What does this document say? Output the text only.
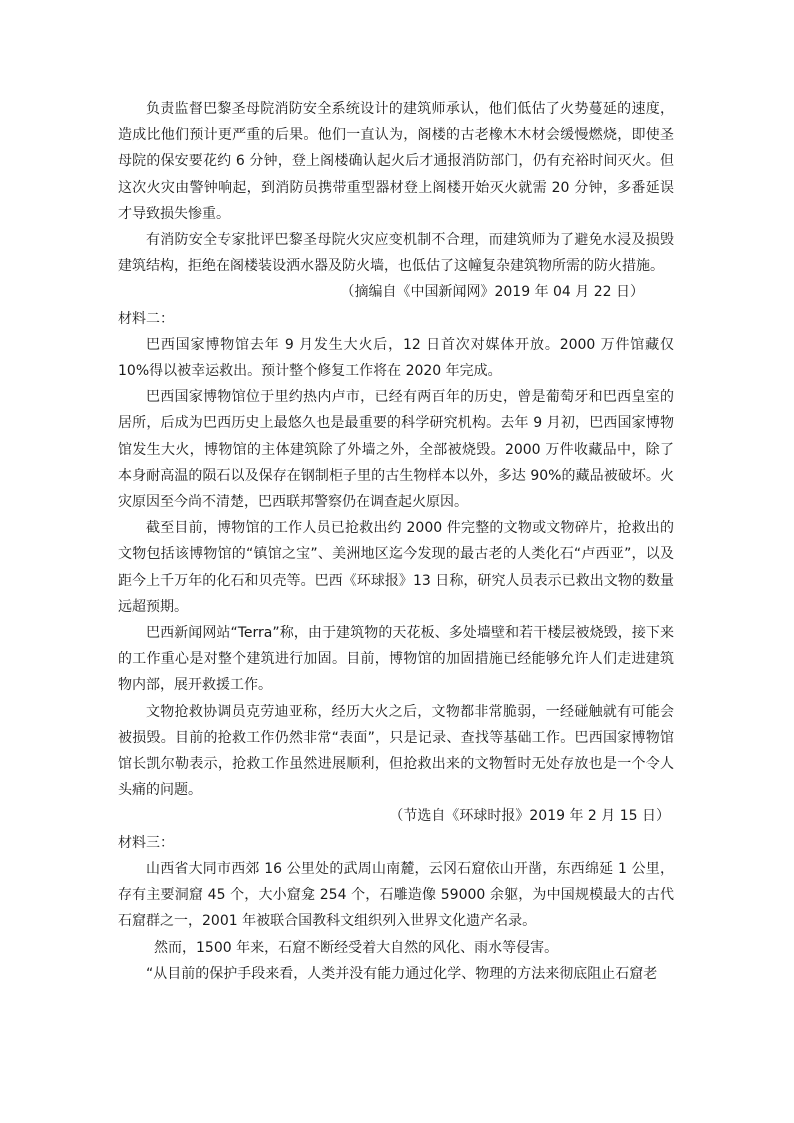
负责监督巴黎圣母院消防安全系统设计的建筑师承认，他们低估了火势蔓延的速度，造成比他们预计更严重的后果。他们一直认为，阁楼的古老橡木木材会缓慢燃烧，即使圣母院的保安要花约 6 分钟，登上阁楼确认起火后才通报消防部门，仍有充裕时间灭火。但这次火灾由警钟响起，到消防员携带重型器材登上阁楼开始灭火就需 20 分钟，多番延误才导致损失惨重。

有消防安全专家批评巴黎圣母院火灾应变机制不合理，而建筑师为了避免水浸及损毁建筑结构，拒绝在阁楼装设洒水器及防火墙，也低估了这幢复杂建筑物所需的防火措施。

（摘编自《中国新闻网》2019 年 04 月 22 日）

材料二：

巴西国家博物馆去年 9 月发生大火后，12 日首次对媒体开放。2000 万件馆藏仅 10%得以被幸运救出。预计整个修复工作将在 2020 年完成。

巴西国家博物馆位于里约热内卢市，已经有两百年的历史，曾是葡萄牙和巴西皇室的居所，后成为巴西历史上最悠久也是最重要的科学研究机构。去年 9 月初，巴西国家博物馆发生大火，博物馆的主体建筑除了外墙之外，全部被烧毁。2000 万件收藏品中，除了本身耐高温的陨石以及保存在钢制柜子里的古生物样本以外，多达 90%的藏品被破坏。火灾原因至今尚不清楚，巴西联邦警察仍在调查起火原因。

截至目前，博物馆的工作人员已抢救出约 2000 件完整的文物或文物碎片，抢救出的文物包括该博物馆的“镇馆之宝”、美洲地区迄今发现的最古老的人类化石“卢西亚”，以及距今上千万年的化石和贝壳等。巴西《环球报》13 日称，研究人员表示已救出文物的数量远超预期。

巴西新闻网站“Terra”称，由于建筑物的天花板、多处墙壁和若干楼层被烧毁，接下来的工作重心是对整个建筑进行加固。目前，博物馆的加固措施已经能够允许人们走进建筑物内部，展开救援工作。

文物抢救协调员克劳迪亚称，经历大火之后，文物都非常脆弱，一经碰触就有可能会被损毁。目前的抢救工作仍然非常“表面”，只是记录、查找等基础工作。巴西国家博物馆馆长凯尔勒表示，抢救工作虽然进展顺利，但抢救出来的文物暂时无处存放也是一个令人头痛的问题。

（节选自《环球时报》2019 年 2 月 15 日）

材料三：

山西省大同市西郊 16 公里处的武周山南麓，云冈石窟依山开凿，东西绵延 1 公里，存有主要洞窟 45 个，大小窟龛 254 个，石雕造像 59000 余躯，为中国规模最大的古代石窟群之一，2001 年被联合国教科文组织列入世界文化遗产名录。

然而，1500 年来，石窟不断经受着大自然的风化、雨水等侵害。

“从目前的保护手段来看，人类并没有能力通过化学、物理的方法来彻底阻止石窟老
